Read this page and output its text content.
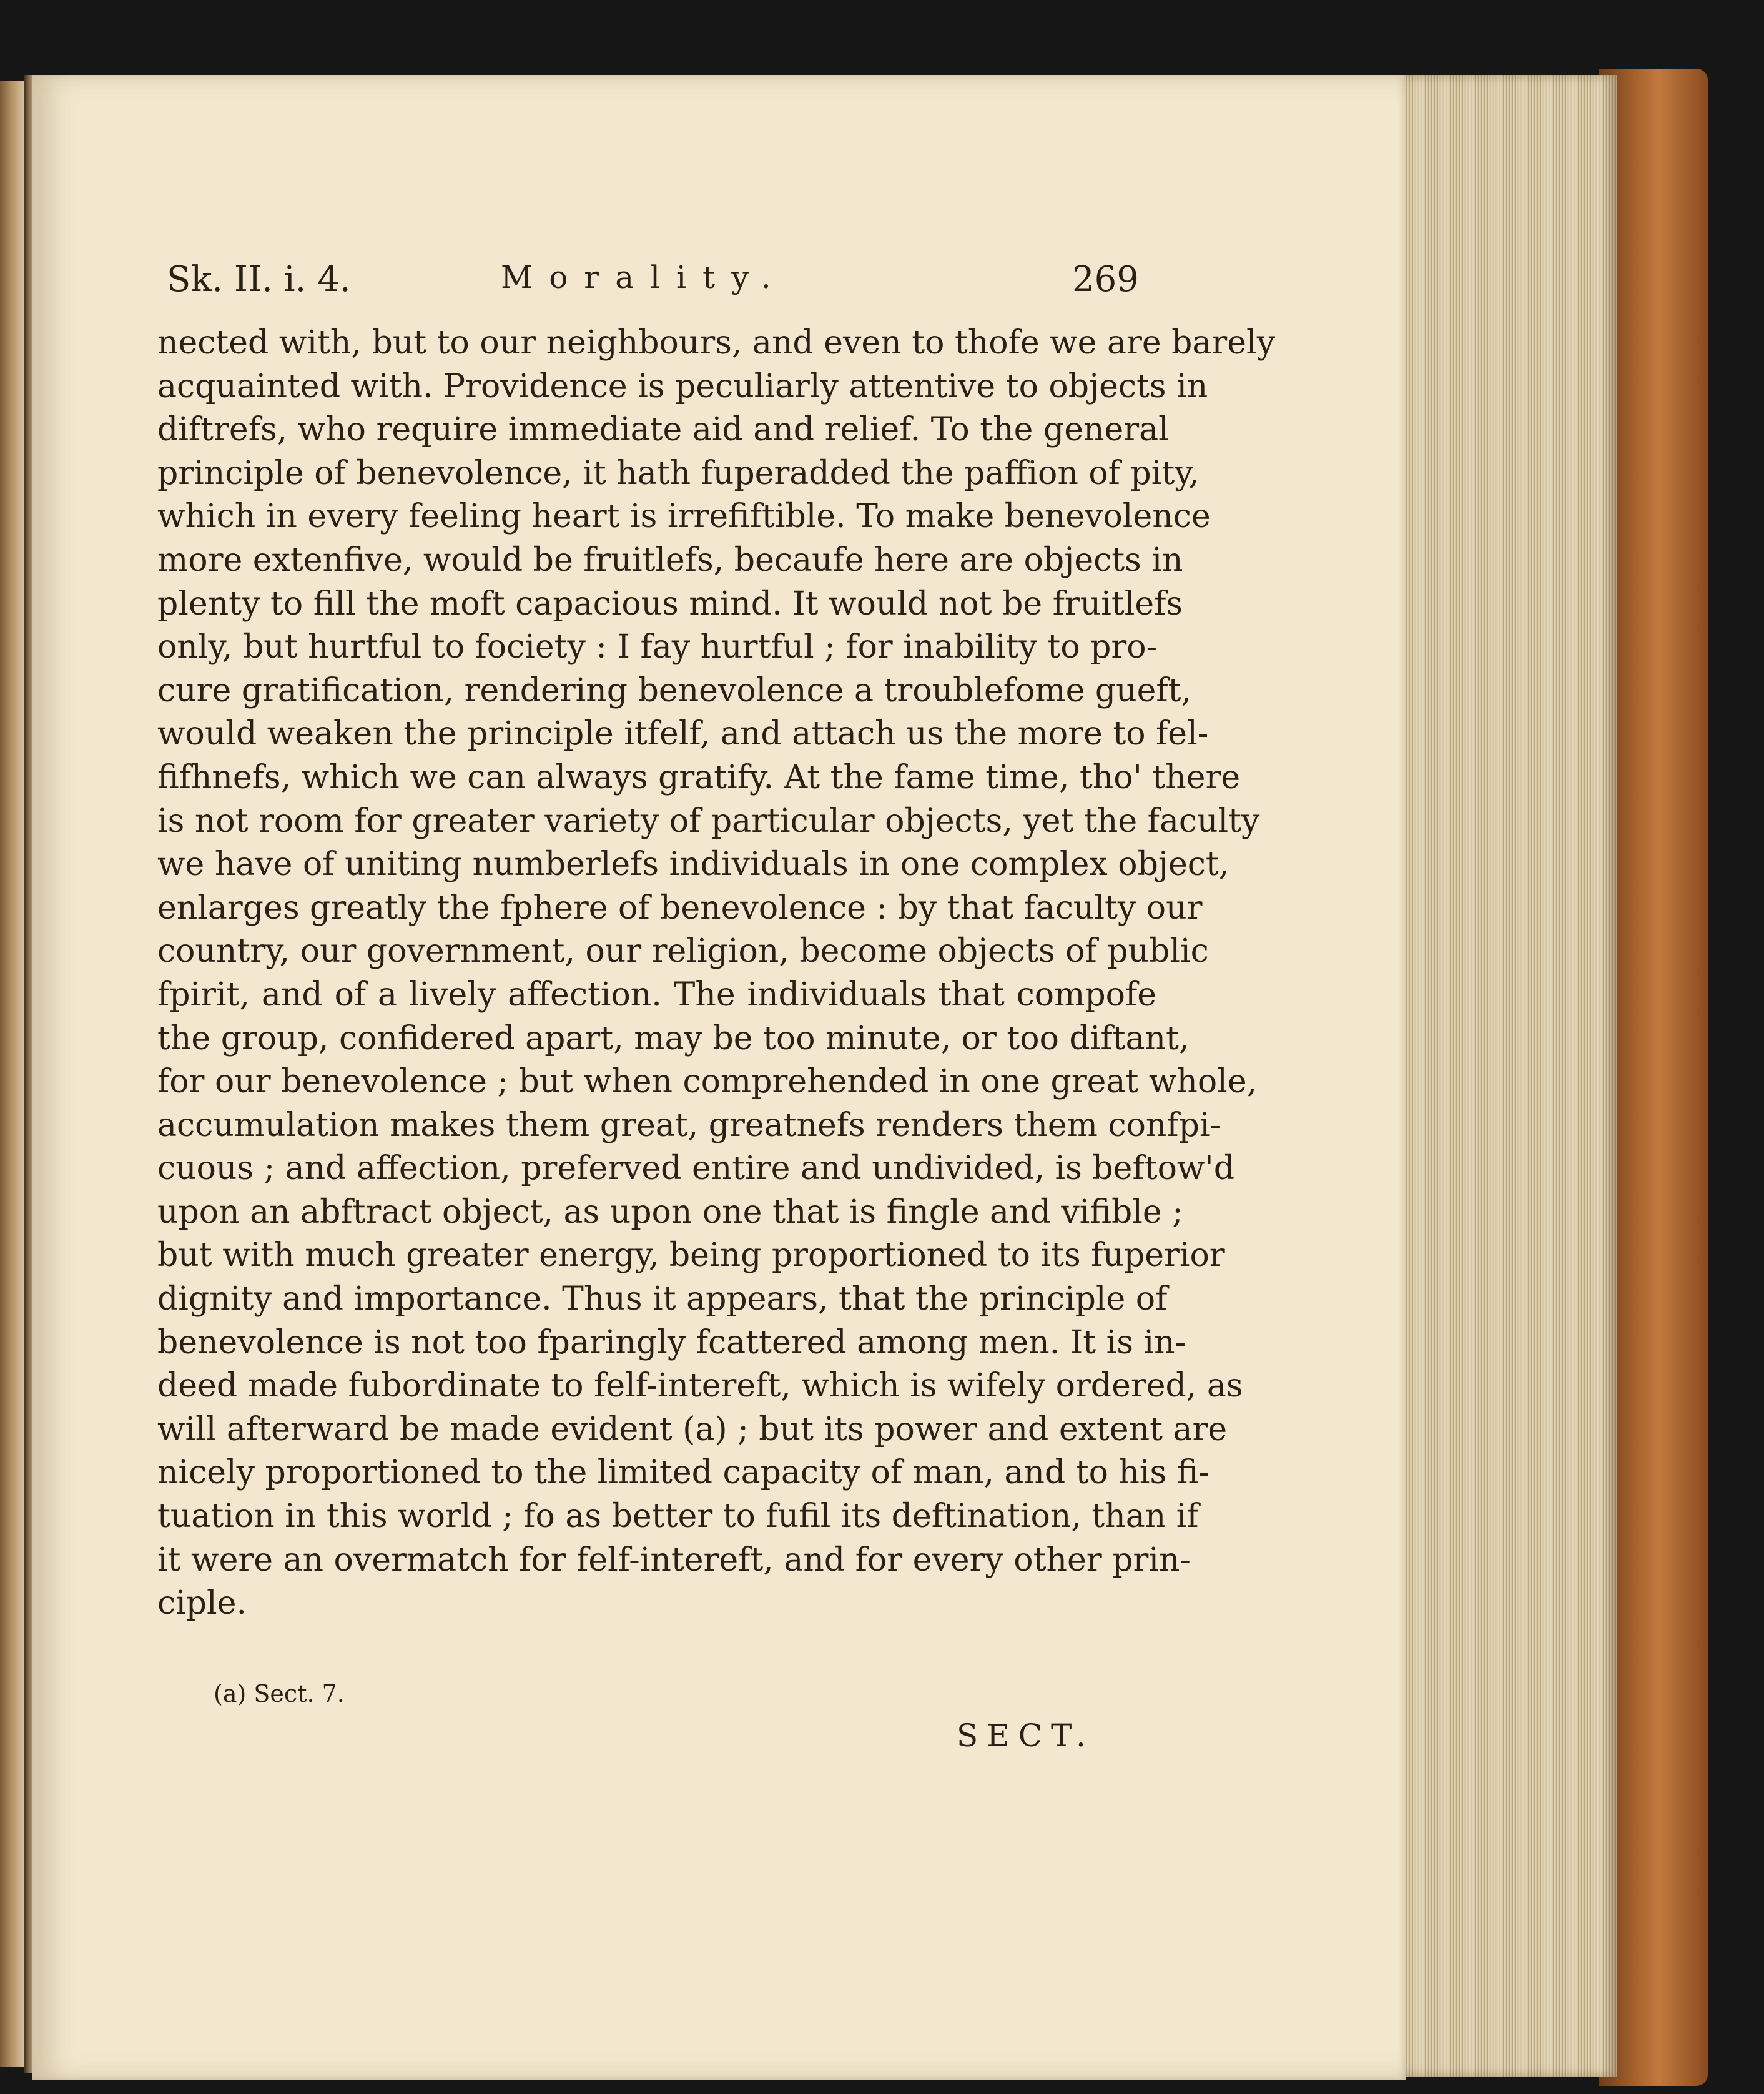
Sk. II. i. 4.	Morality.	269
nected with, but to our neighbours, and even to thofe we are barely
acquainted with. Providence is peculiarly attentive to objects in
diftrefs, who require immediate aid and relief. To the general
principle of benevolence, it hath fuperadded the paffion of pity,
which in every feeling heart is irrefiftible. To make benevolence
more extenfive, would be fruitlefs, becaufe here are objects in
plenty to fill the moft capacious mind. It would not be fruitlefs
only, but hurtful to fociety : I fay hurtful ; for inability to pro-
cure gratification, rendering benevolence a troublefome gueft,
would weaken the principle itfelf, and attach us the more to fel-
fifhnefs, which we can always gratify. At the fame time, tho' there
is not room for greater variety of particular objects, yet the faculty
we have of uniting numberlefs individuals in one complex object,
enlarges greatly the fphere of benevolence : by that faculty our
country, our government, our religion, become objects of public
fpirit, and of a lively affection. The individuals that compofe
the group, confidered apart, may be too minute, or too diftant,
for our benevolence ; but when comprehended in one great whole,
accumulation makes them great, greatnefs renders them confpi-
cuous ; and affection, preferved entire and undivided, is beftow'd
upon an abftract object, as upon one that is fingle and vifible ;
but with much greater energy, being proportioned to its fuperior
dignity and importance. Thus it appears, that the principle of
benevolence is not too fparingly fcattered among men. It is in-
deed made fubordinate to felf-intereft, which is wifely ordered, as
will afterward be made evident (a) ; but its power and extent are
nicely proportioned to the limited capacity of man, and to his fi-
tuation in this world ; fo as better to fufil its deftination, than if
it were an overmatch for felf-intereft, and for every other prin-
ciple.
(a) Sect. 7.
SECT.
